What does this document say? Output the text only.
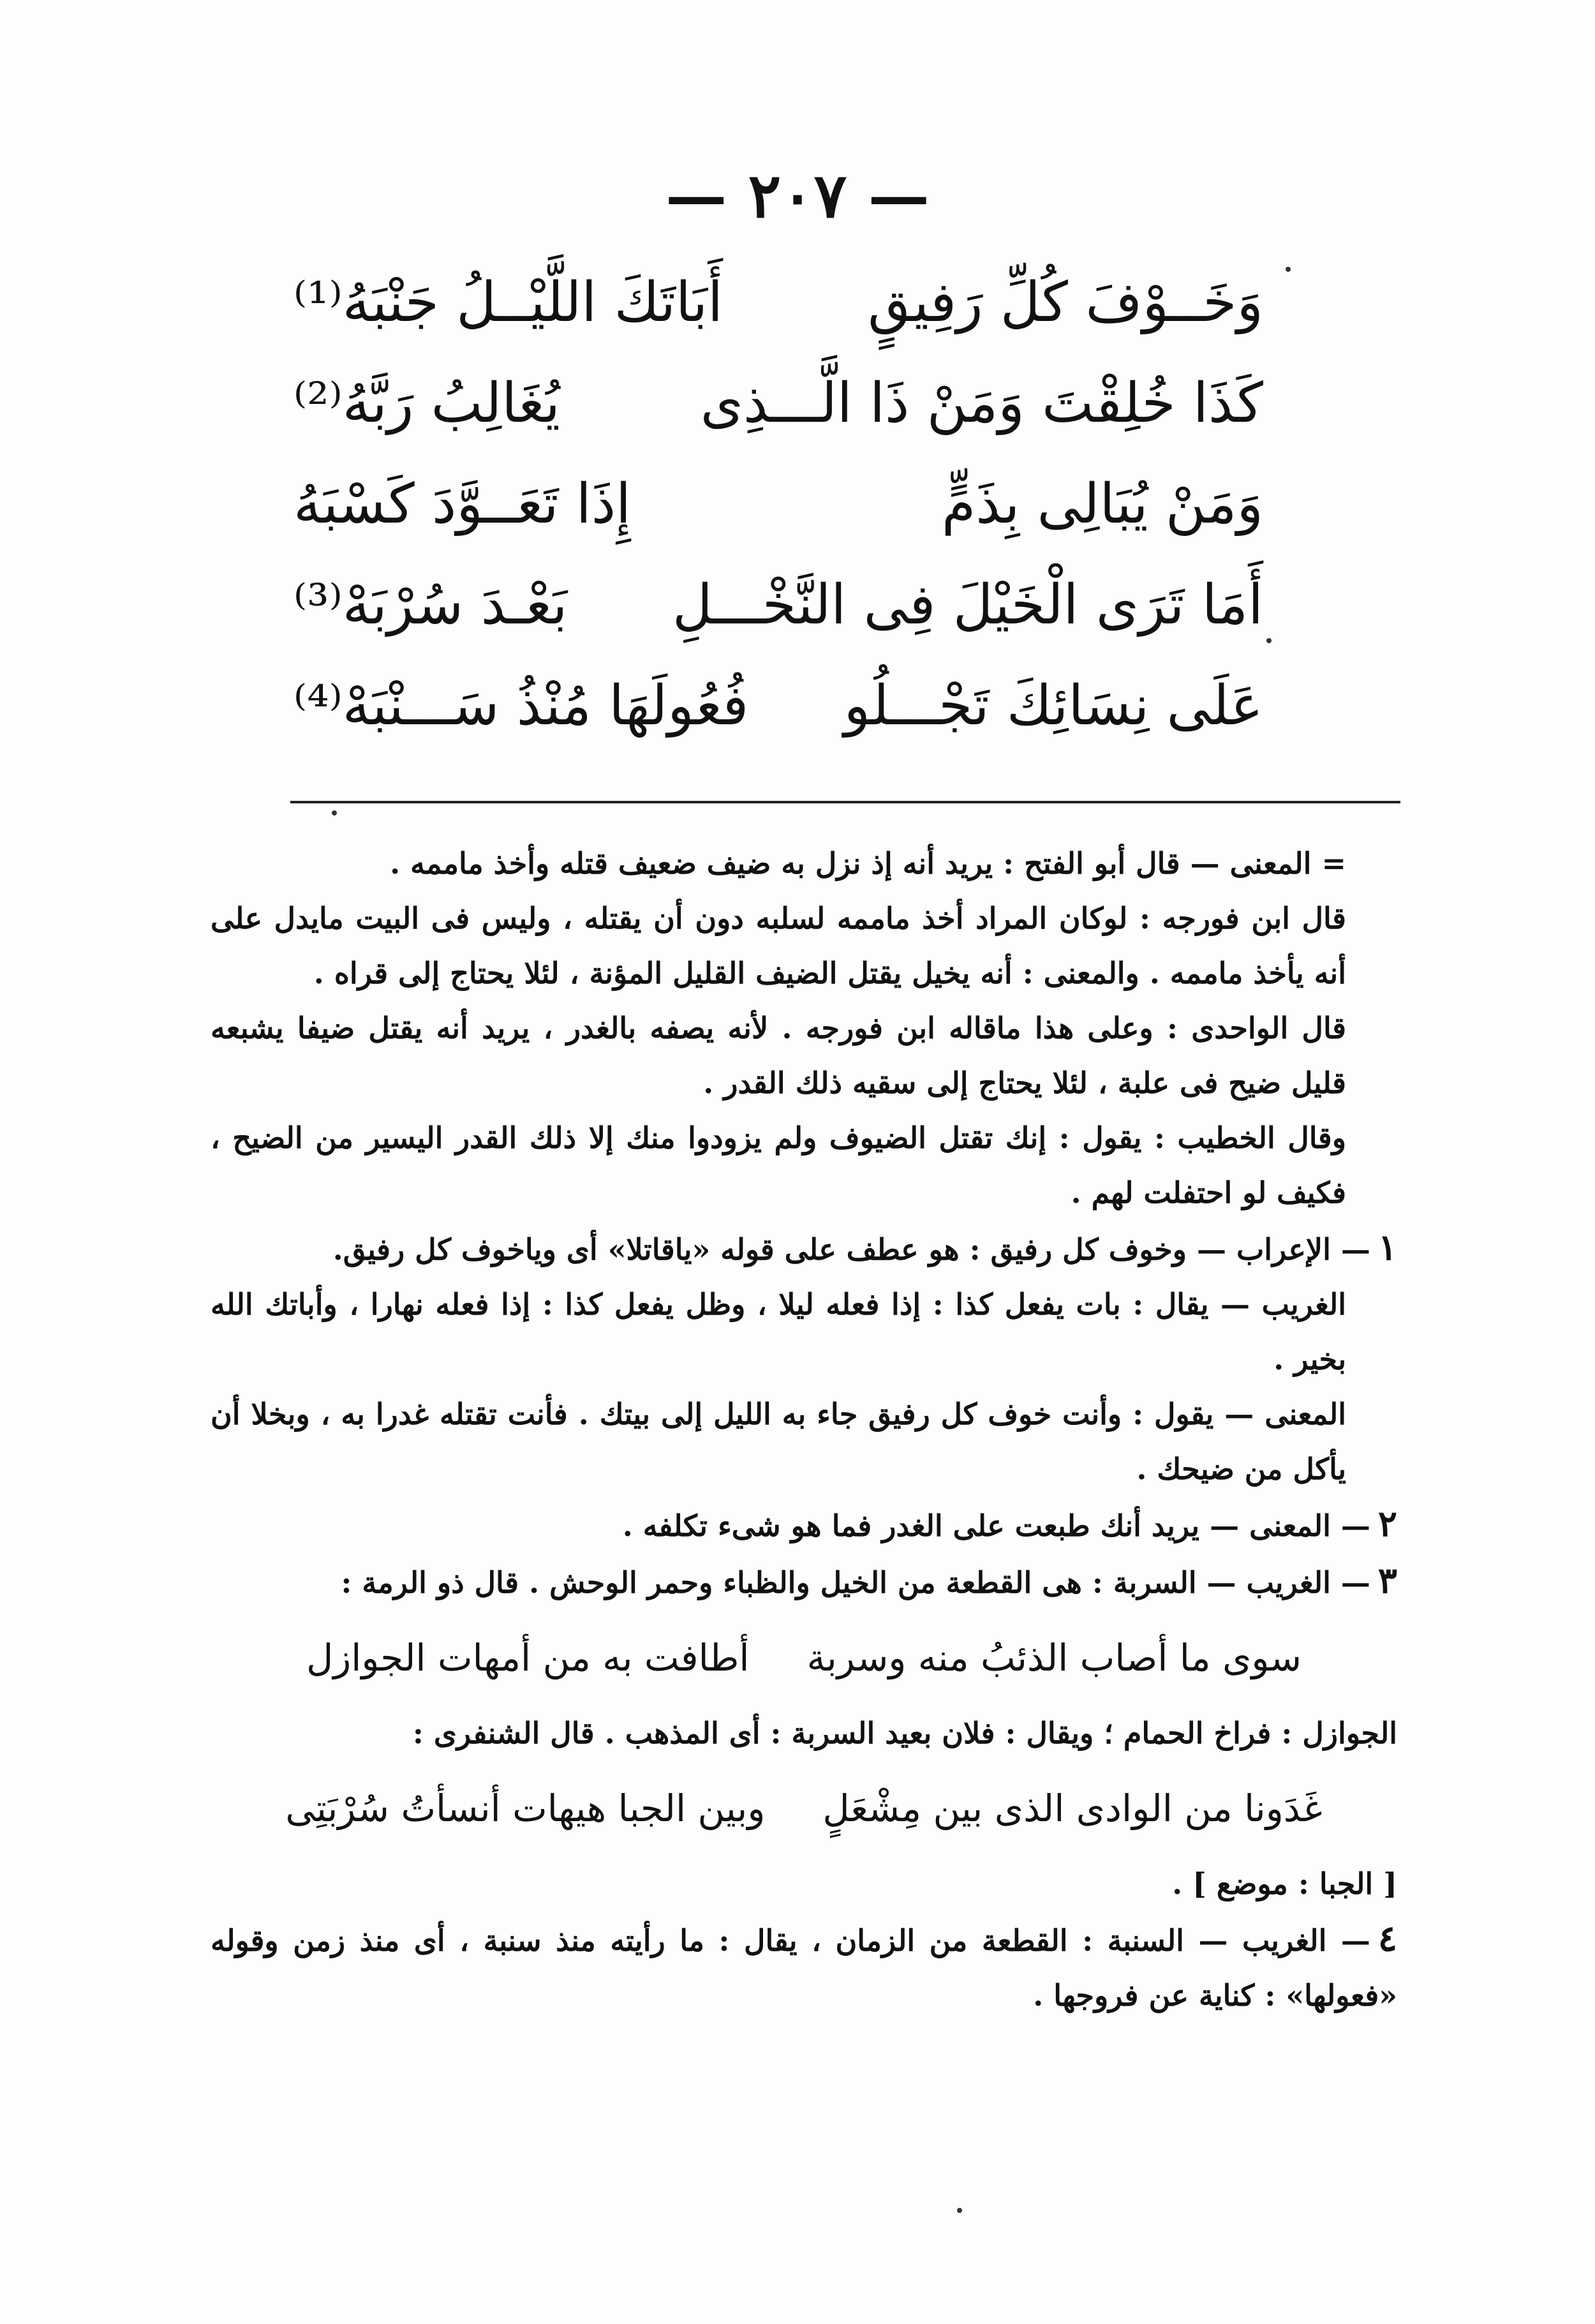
— ٢٠٧ —
وَخَــوْفَ كُلِّ رَفِيقٍ
أَبَاتَكَ اللَّيْــلُ جَنْبَهُ⁽¹⁾
كَذَا خُلِقْتَ وَمَنْ ذَا الَّـــذِى
يُغَالِبُ رَبَّهُ⁽²⁾
وَمَنْ يُبَالِى بِذَمٍّ
إِذَا تَعَــوَّدَ كَسْبَهُ
أَمَا تَرَى الْخَيْلَ فِى النَّخْـــلِ
بَعْـدَ سُرْبَهْ⁽³⁾
عَلَى نِسَائِكَ تَجْـــلُو
فُعُولَهَا مُنْذُ سَـــنْبَهْ⁽⁴⁾

= المعنى — قال أبو الفتح : يريد أنه إذ نزل به ضيف ضعيف قتله وأخذ ماممه .

قال ابن فورجه : لوكان المراد أخذ ماممه لسلبه دون أن يقتله ، وليس فى البيت مايدل على أنه يأخذ ماممه . والمعنى : أنه يخيل يقتل الضيف القليل المؤنة ، لئلا يحتاج إلى قراه .

قال الواحدى : وعلى هذا ماقاله ابن فورجه . لأنه يصفه بالغدر ، يريد أنه يقتل ضيفا يشبعه قليل ضيح فى علبة ، لئلا يحتاج إلى سقيه ذلك القدر .

وقال الخطيب : يقول : إنك تقتل الضيوف ولم يزودوا منك إلا ذلك القدر اليسير من الضيح ، فكيف لو احتفلت لهم .

١— الإعراب — وخوف كل رفيق : هو عطف على قوله «ياقاتلا» أى وياخوف كل رفيق.

الغريب — يقال : بات يفعل كذا : إذا فعله ليلا ، وظل يفعل كذا : إذا فعله نهارا ، وأباتك الله بخير .

المعنى — يقول : وأنت خوف كل رفيق جاء به الليل إلى بيتك . فأنت تقتله غدرا به ، وبخلا أن يأكل من ضيحك .

٢— المعنى — يريد أنك طبعت على الغدر فما هو شىء تكلفه .

٣— الغريب — السربة : هى القطعة من الخيل والظباء وحمر الوحش . قال ذو الرمة :

سوى ما أصاب الذئبُ منه وسربةأطافت به من أمهات الجوازل

الجوازل : فراخ الحمام ؛ ويقال : فلان بعيد السربة : أى المذهب . قال الشنفرى :

غَدَونا من الوادى الذى بين مِشْعَلٍوبين الجبا هيهات أنسأتُ سُرْبَتِى

[ الجبا : موضع ] .

٤— الغريب — السنبة : القطعة من الزمان ، يقال : ما رأيته منذ سنبة ، أى منذ زمن وقوله «فعولها» : كناية عن فروجها .
